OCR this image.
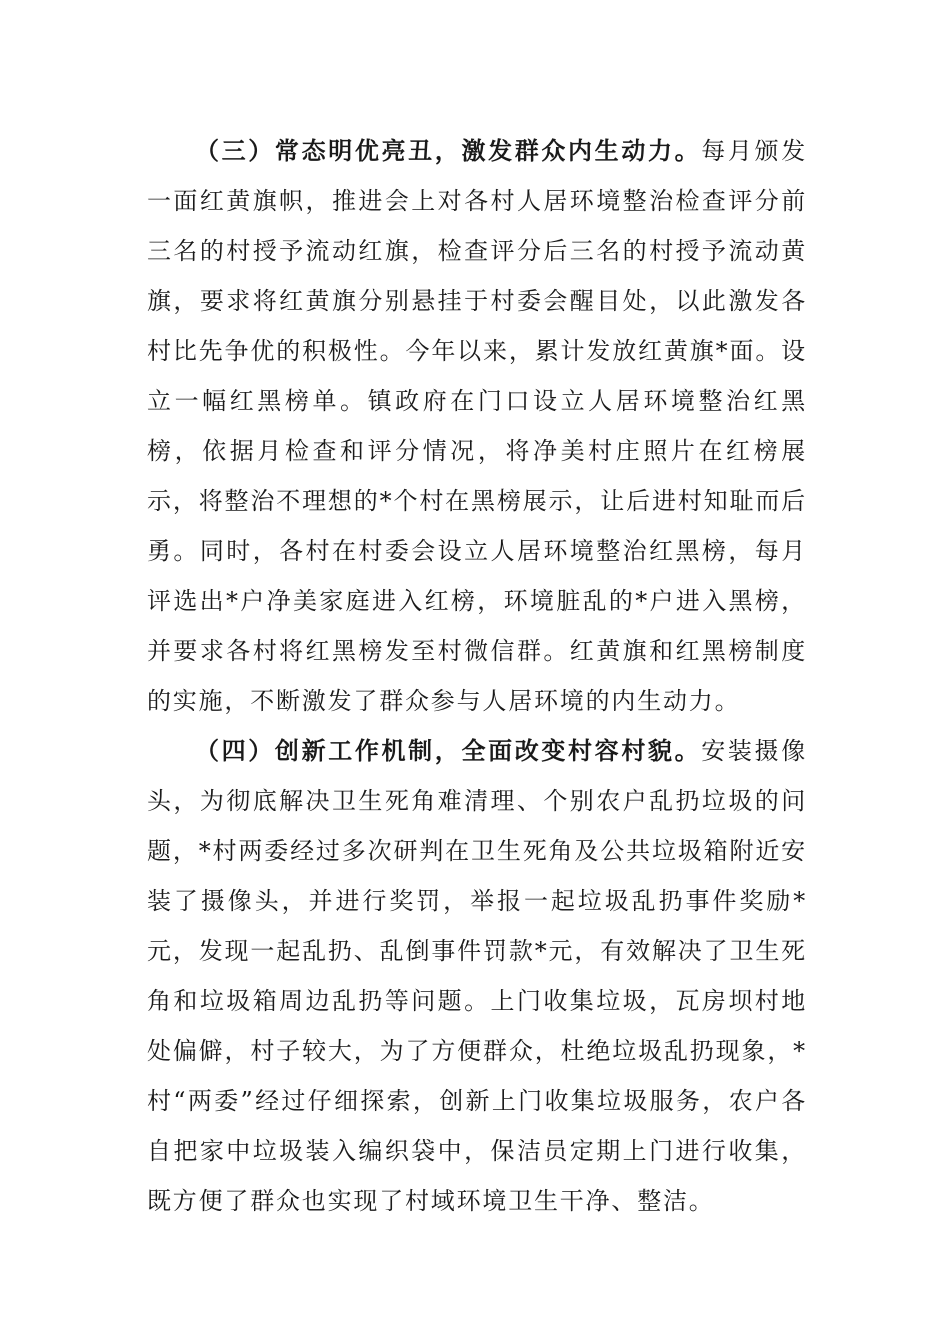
（三）常态明优亮丑，激发群众内生动力。每月颁发一面红黄旗帜，推进会上对各村人居环境整治检查评分前三名的村授予流动红旗，检查评分后三名的村授予流动黄旗，要求将红黄旗分别悬挂于村委会醒目处，以此激发各村比先争优的积极性。今年以来，累计发放红黄旗*面。设立一幅红黑榜单。镇政府在门口设立人居环境整治红黑榜，依据月检查和评分情况，将净美村庄照片在红榜展示，将整治不理想的*个村在黑榜展示，让后进村知耻而后勇。同时，各村在村委会设立人居环境整治红黑榜，每月评选出*户净美家庭进入红榜，环境脏乱的*户进入黑榜，并要求各村将红黑榜发至村微信群。红黄旗和红黑榜制度的实施，不断激发了群众参与人居环境的内生动力。

（四）创新工作机制，全面改变村容村貌。安装摄像头，为彻底解决卫生死角难清理、个别农户乱扔垃圾的问题，*村两委经过多次研判在卫生死角及公共垃圾箱附近安装了摄像头，并进行奖罚，举报一起垃圾乱扔事件奖励*元，发现一起乱扔、乱倒事件罚款*元，有效解决了卫生死角和垃圾箱周边乱扔等问题。上门收集垃圾，瓦房坝村地处偏僻，村子较大，为了方便群众，杜绝垃圾乱扔现象，*村“两委”经过仔细探索，创新上门收集垃圾服务，农户各自把家中垃圾装入编织袋中，保洁员定期上门进行收集，既方便了群众也实现了村域环境卫生干净、整洁。
